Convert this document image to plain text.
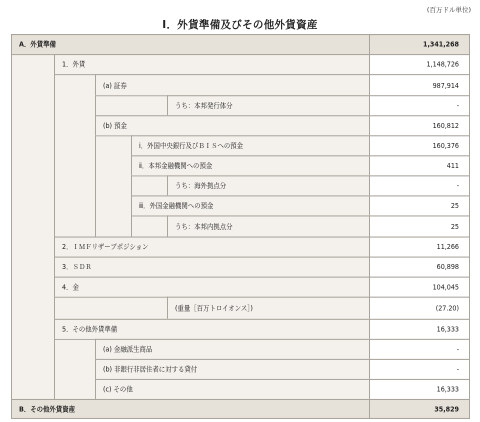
(百万ドル単位)
Ⅰ．外貨準備及びその他外貨資産
A．外貨準備	1,341,268
1．外貨	1,148,726
(a) 証券	987,914
うち：本邦発行体分	-
(b) 預金	160,812
ⅰ．外国中央銀行及びＢＩＳへの預金	160,376
ⅱ．本邦金融機関への預金	411
うち：海外拠点分	-
ⅲ．外国金融機関への預金	25
うち：本邦内拠点分	25
2．ＩＭＦリザーブポジション	11,266
3．ＳＤＲ	60,898
4．金	104,045
(重量［百万トロイオンス］)	(27.20)
5．その他外貨準備	16,333
(a) 金融派生商品	-
(b) 非銀行非居住者に対する貸付	-
(c) その他	16,333
B．その他外貨資産	35,829
